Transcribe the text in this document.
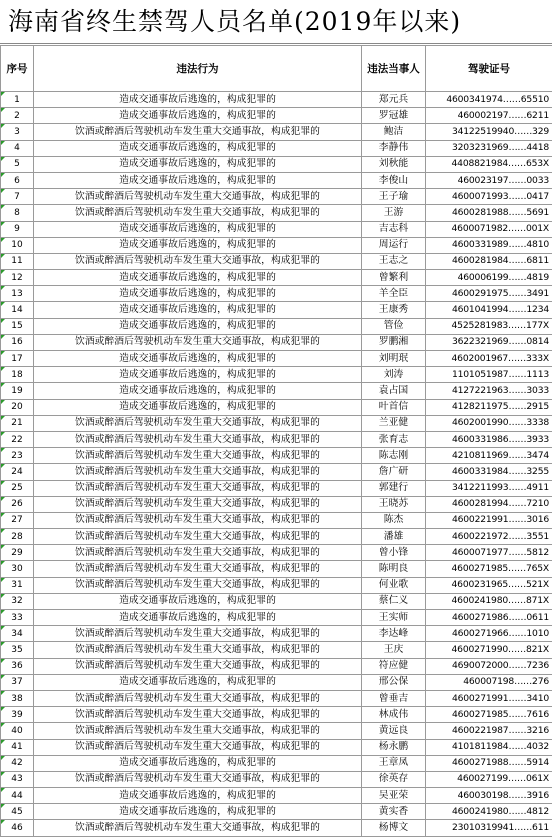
海南省终生禁驾人员名单(2019年以来)
序号	违法行为	违法当事人	驾驶证号
1	造成交通事故后逃逸的，构成犯罪的	郑元兵	4600341974……65510
2	造成交通事故后逃逸的，构成犯罪的	罗冠雄	460002197……6211
3	饮酒或醉酒后驾驶机动车发生重大交通事故，构成犯罪的	鲍洁	34122519940……329
4	造成交通事故后逃逸的，构成犯罪的	李静伟	3203231969……4418
5	造成交通事故后逃逸的，构成犯罪的	刘秋能	4408821984……653X
6	造成交通事故后逃逸的，构成犯罪的	李俊山	460023197……0033
7	饮酒或醉酒后驾驶机动车发生重大交通事故，构成犯罪的	王子瑜	4600071993……0417
8	饮酒或醉酒后驾驶机动车发生重大交通事故，构成犯罪的	王游	4600281988……5691
9	造成交通事故后逃逸的，构成犯罪的	吉志科	4600071982……001X
10	造成交通事故后逃逸的，构成犯罪的	周运行	4600331989……4810
11	饮酒或醉酒后驾驶机动车发生重大交通事故，构成犯罪的	王志之	4600281984……6811
12	造成交通事故后逃逸的，构成犯罪的	曾繁利	460006199……4819
13	造成交通事故后逃逸的，构成犯罪的	羊全臣	4600291975……3491
14	造成交通事故后逃逸的，构成犯罪的	王康秀	4601041994……1234
15	造成交通事故后逃逸的，构成犯罪的	管俭	4525281983……177X
16	饮酒或醉酒后驾驶机动车发生重大交通事故，构成犯罪的	罗鹏湘	3622321969……0814
17	造成交通事故后逃逸的，构成犯罪的	刘明珉	4602001967……333X
18	造成交通事故后逃逸的，构成犯罪的	刘涛	1101051987……1113
19	造成交通事故后逃逸的，构成犯罪的	袁占国	4127221963……3033
20	造成交通事故后逃逸的，构成犯罪的	叶首信	4128211975……2915
21	饮酒或醉酒后驾驶机动车发生重大交通事故，构成犯罪的	兰亚健	4602001990……3338
22	饮酒或醉酒后驾驶机动车发生重大交通事故，构成犯罪的	张育志	4600331986……3933
23	饮酒或醉酒后驾驶机动车发生重大交通事故，构成犯罪的	陈志刚	4210811969……3474
24	饮酒或醉酒后驾驶机动车发生重大交通事故，构成犯罪的	詹广研	4600331984……3255
25	饮酒或醉酒后驾驶机动车发生重大交通事故，构成犯罪的	郭建行	3412211993……4911
26	饮酒或醉酒后驾驶机动车发生重大交通事故，构成犯罪的	王晓苏	4600281994……7210
27	饮酒或醉酒后驾驶机动车发生重大交通事故，构成犯罪的	陈杰	4600221991……3016
28	饮酒或醉酒后驾驶机动车发生重大交通事故，构成犯罪的	潘雄	4600221972……3551
29	饮酒或醉酒后驾驶机动车发生重大交通事故，构成犯罪的	曾小锋	4600071977……5812
30	饮酒或醉酒后驾驶机动车发生重大交通事故，构成犯罪的	陈明良	4600271985……765X
31	饮酒或醉酒后驾驶机动车发生重大交通事故，构成犯罪的	何业歌	4600231965……521X
32	造成交通事故后逃逸的，构成犯罪的	蔡仁义	4600241980……871X
33	造成交通事故后逃逸的，构成犯罪的	王实师	4600271986……0611
34	饮酒或醉酒后驾驶机动车发生重大交通事故，构成犯罪的	李达峰	4600271966……1010
35	饮酒或醉酒后驾驶机动车发生重大交通事故，构成犯罪的	王庆	4600271990……821X
36	饮酒或醉酒后驾驶机动车发生重大交通事故，构成犯罪的	符应健	4690072000……7236
37	造成交通事故后逃逸的，构成犯罪的	邢公保	460007198……276
38	饮酒或醉酒后驾驶机动车发生重大交通事故，构成犯罪的	曾垂吉	4600271991……3410
39	饮酒或醉酒后驾驶机动车发生重大交通事故，构成犯罪的	林成伟	4600271985……7616
40	饮酒或醉酒后驾驶机动车发生重大交通事故，构成犯罪的	黄远良	4600221987……3216
41	饮酒或醉酒后驾驶机动车发生重大交通事故，构成犯罪的	杨永鹏	4101811984……4032
42	造成交通事故后逃逸的，构成犯罪的	王章凤	4600271988……5914
43	饮酒或醉酒后驾驶机动车发生重大交通事故，构成犯罪的	徐英存	460027199……061X
44	造成交通事故后逃逸的，构成犯罪的	吴亚荣	460030198……3916
45	造成交通事故后逃逸的，构成犯罪的	黄实香	4600241980……4812
46	饮酒或醉酒后驾驶机动车发生重大交通事故，构成犯罪的	杨博文	23010319941……611
